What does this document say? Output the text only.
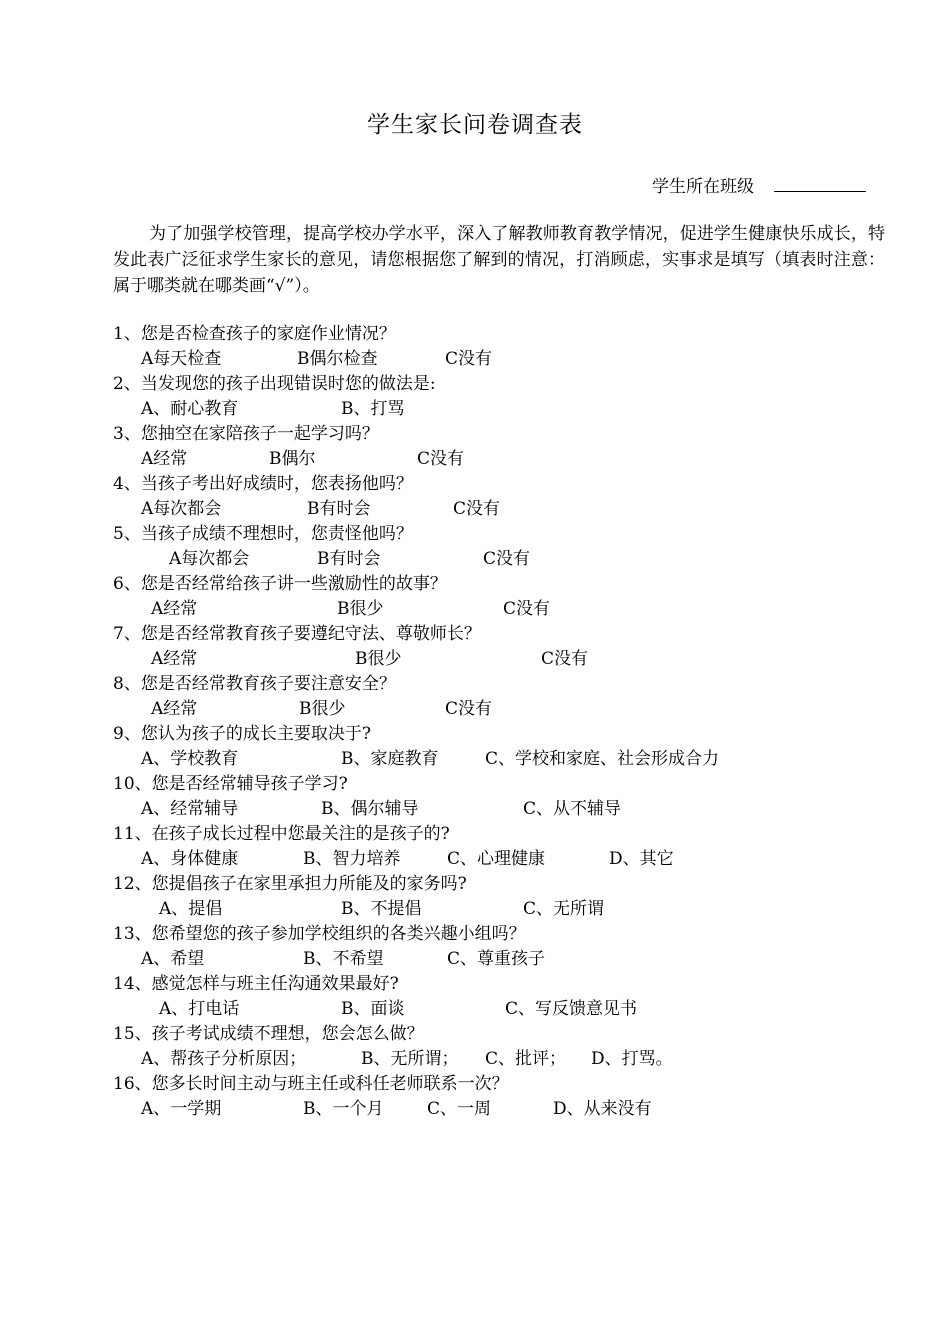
学生家长问卷调查表
学生所在班级
为了加强学校管理，提高学校办学水平，深入了解教师教育教学情况，促进学生健康快乐成长，特发此表广泛征求学生家长的意见，请您根据您了解到的情况，打消顾虑，实事求是填写（填表时注意：属于哪类就在哪类画“√”）。
1、您是否检查孩子的家庭作业情况？
A每天检查	B偶尔检查	C没有
2、当发现您的孩子出现错误时您的做法是:
A、耐心教育	B、打骂
3、您抽空在家陪孩子一起学习吗？
A经常	B偶尔	C没有
4、当孩子考出好成绩时，您表扬他吗？
A每次都会	B有时会	C没有
5、当孩子成绩不理想时，您责怪他吗？
A每次都会	B有时会	C没有
6、您是否经常给孩子讲一些激励性的故事？
A经常	B很少	C没有
7、您是否经常教育孩子要遵纪守法、尊敬师长？
A经常	B很少	C没有
8、您是否经常教育孩子要注意安全？
A经常	B很少	C没有
9、您认为孩子的成长主要取决于?
A、学校教育	B、家庭教育	C、学校和家庭、社会形成合力
10、您是否经常辅导孩子学习?
A、经常辅导	B、偶尔辅导	C、从不辅导
11、在孩子成长过程中您最关注的是孩子的?
A、身体健康	B、智力培养	C、心理健康	D、其它
12、您提倡孩子在家里承担力所能及的家务吗?
A、提倡	B、不提倡	C、无所谓
13、您希望您的孩子参加学校组织的各类兴趣小组吗？
A、希望	B、不希望	C、尊重孩子
14、感觉怎样与班主任沟通效果最好?
A、打电话	B、面谈	C、写反馈意见书
15、孩子考试成绩不理想，您会怎么做？
A、帮孩子分析原因；	B、无所谓； C、批评； D、打骂。
16、您多长时间主动与班主任或科任老师联系一次？
A、一学期	B、一个月	C、一周	D、从来没有
